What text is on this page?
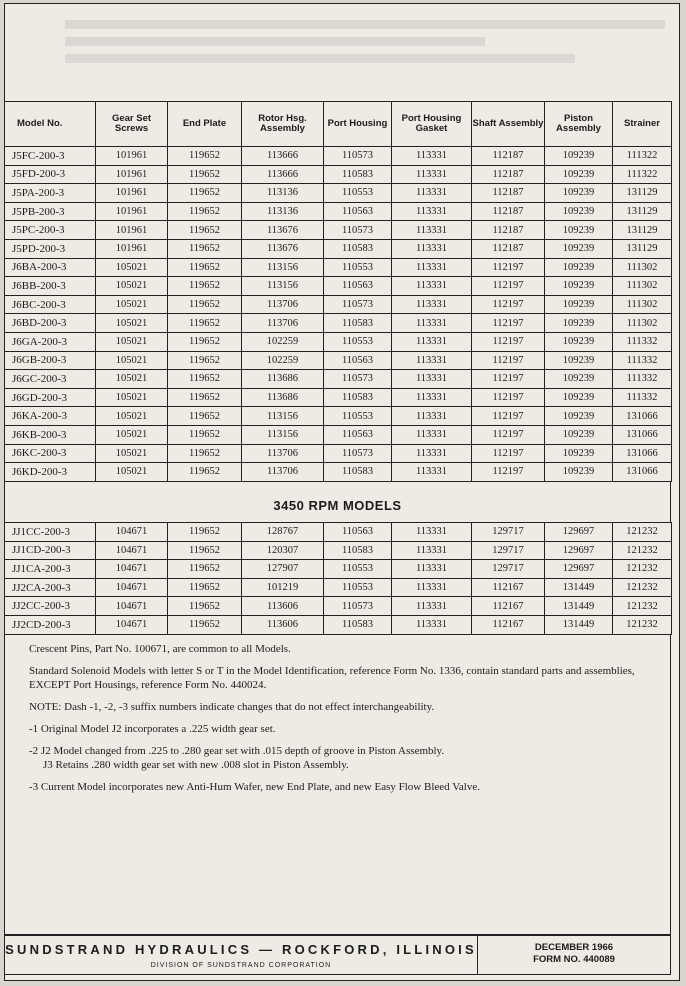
Model No.	Gear Set Screws	End Plate	Rotor Hsg. Assembly	Port Housing	Port Housing Gasket	Shaft Assembly	Piston Assembly	Strainer
J5FC-200-3	101961	119652	113666	110573	113331	112187	109239	111322
J5FD-200-3	101961	119652	113666	110583	113331	112187	109239	111322
J5PA-200-3	101961	119652	113136	110553	113331	112187	109239	131129
J5PB-200-3	101961	119652	113136	110563	113331	112187	109239	131129
J5PC-200-3	101961	119652	113676	110573	113331	112187	109239	131129
J5PD-200-3	101961	119652	113676	110583	113331	112187	109239	131129
J6BA-200-3	105021	119652	113156	110553	113331	112197	109239	111302
J6BB-200-3	105021	119652	113156	110563	113331	112197	109239	111302
J6BC-200-3	105021	119652	113706	110573	113331	112197	109239	111302
J6BD-200-3	105021	119652	113706	110583	113331	112197	109239	111302
J6GA-200-3	105021	119652	102259	110553	113331	112197	109239	111332
J6GB-200-3	105021	119652	102259	110563	113331	112197	109239	111332
J6GC-200-3	105021	119652	113686	110573	113331	112197	109239	111332
J6GD-200-3	105021	119652	113686	110583	113331	112197	109239	111332
J6KA-200-3	105021	119652	113156	110553	113331	112197	109239	131066
J6KB-200-3	105021	119652	113156	110563	113331	112197	109239	131066
J6KC-200-3	105021	119652	113706	110573	113331	112197	109239	131066
J6KD-200-3	105021	119652	113706	110583	113331	112197	109239	131066
3450 RPM MODELS
JJ1CC-200-3	104671	119652	128767	110563	113331	129717	129697	121232
JJ1CD-200-3	104671	119652	120307	110583	113331	129717	129697	121232
JJ1CA-200-3	104671	119652	127907	110553	113331	129717	129697	121232
JJ2CA-200-3	104671	119652	101219	110553	113331	112167	131449	121232
JJ2CC-200-3	104671	119652	113606	110573	113331	112167	131449	121232
JJ2CD-200-3	104671	119652	113606	110583	113331	112167	131449	121232

Crescent Pins, Part No. 100671, are common to all Models.

Standard Solenoid Models with letter S or T in the Model Identification, reference Form No. 1336, contain standard parts and assemblies, EXCEPT Port Housings, reference Form No. 440024.

NOTE: Dash -1, -2, -3 suffix numbers indicate changes that do not effect interchangeability.

-1 Original Model J2 incorporates a .225 width gear set.

-2 J2 Model changed from .225 to .280 gear set with .015 depth of groove in Piston Assembly.

J3 Retains .280 width gear set with new .008 slot in Piston Assembly.

-3 Current Model incorporates new Anti-Hum Wafer, new End Plate, and new Easy Flow Bleed Valve.

SUNDSTRAND HYDRAULICS — ROCKFORD, ILLINOIS
DIVISION OF SUNDSTRAND CORPORATION
DECEMBER 1966
FORM NO. 440089
